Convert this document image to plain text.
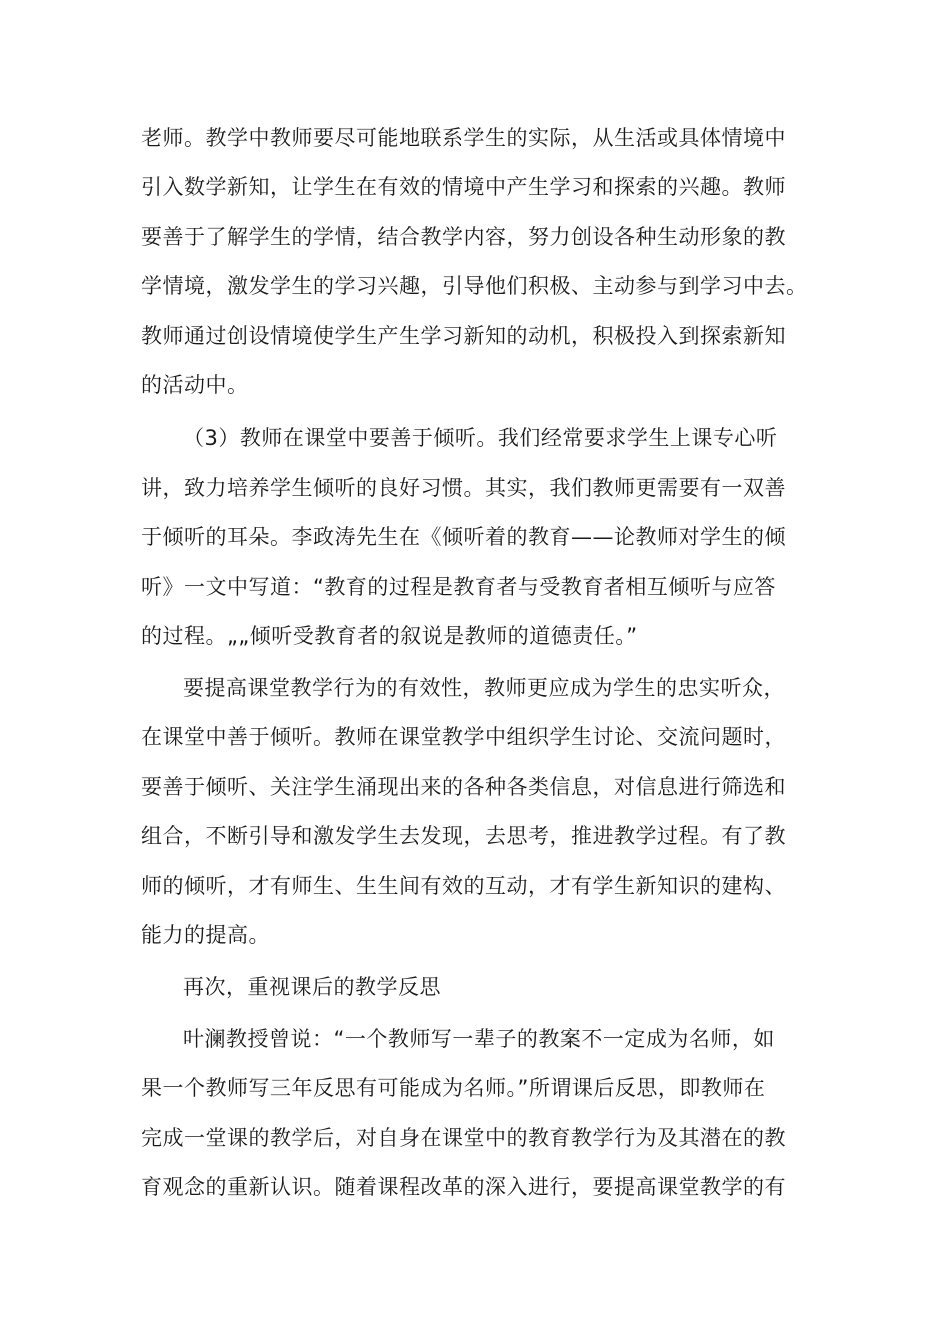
老师。教学中教师要尽可能地联系学生的实际，从生活或具体情境中
引入数学新知，让学生在有效的情境中产生学习和探索的兴趣。教师
要善于了解学生的学情，结合教学内容，努力创设各种生动形象的教
学情境，激发学生的学习兴趣，引导他们积极、主动参与到学习中去。
教师通过创设情境使学生产生学习新知的动机，积极投入到探索新知
的活动中。
（3）教师在课堂中要善于倾听。我们经常要求学生上课专心听
讲，致力培养学生倾听的良好习惯。其实，我们教师更需要有一双善
于倾听的耳朵。李政涛先生在《倾听着的教育——论教师对学生的倾
听》一文中写道：“教育的过程是教育者与受教育者相互倾听与应答
的过程。„„倾听受教育者的叙说是教师的道德责任。”
要提高课堂教学行为的有效性，教师更应成为学生的忠实听众，
在课堂中善于倾听。教师在课堂教学中组织学生讨论、交流问题时，
要善于倾听、关注学生涌现出来的各种各类信息，对信息进行筛选和
组合，不断引导和激发学生去发现，去思考，推进教学过程。有了教
师的倾听，才有师生、生生间有效的互动，才有学生新知识的建构、
能力的提高。
再次，重视课后的教学反思
叶澜教授曾说：“一个教师写一辈子的教案不一定成为名师，如
果一个教师写三年反思有可能成为名师。”所谓课后反思，即教师在
完成一堂课的教学后，对自身在课堂中的教育教学行为及其潜在的教
育观念的重新认识。随着课程改革的深入进行，要提高课堂教学的有
